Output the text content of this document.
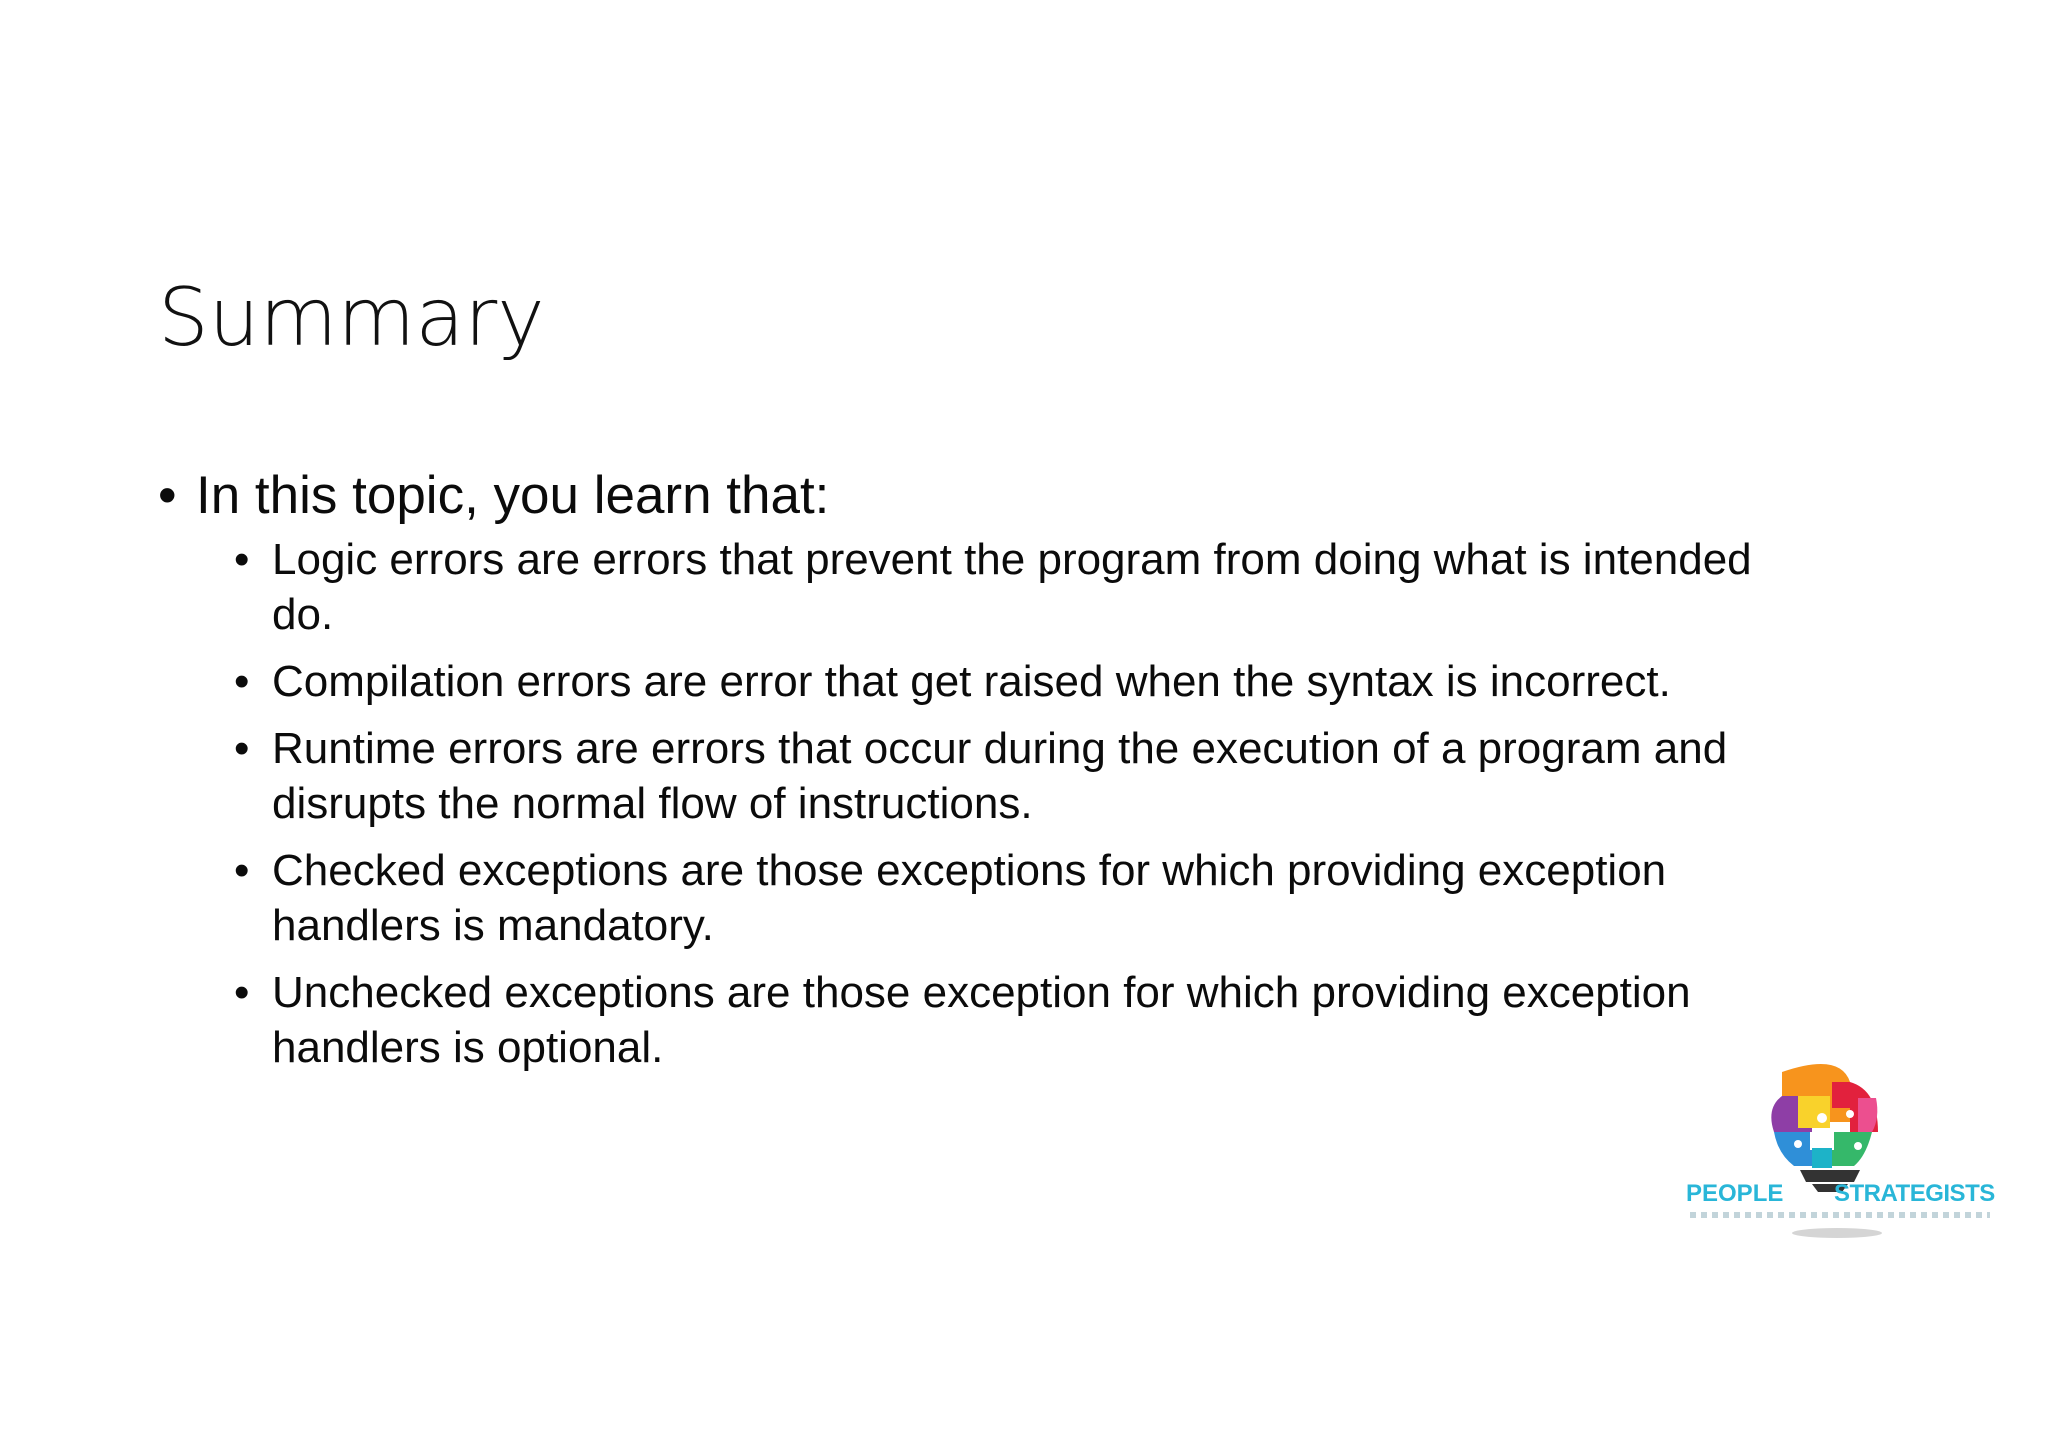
Summary
• In this topic, you learn that:
• Logic errors are errors that prevent the program from doing what is intended
do.
• Compilation errors are error that get raised when the syntax is incorrect.
• Runtime errors are errors that occur during the execution of a program and
disrupts the normal flow of instructions.
• Checked exceptions are those exceptions for which providing exception
handlers is mandatory.
• Unchecked exceptions are those exception for which providing exception
handlers is optional.
PEOPLE STRATEGISTS
